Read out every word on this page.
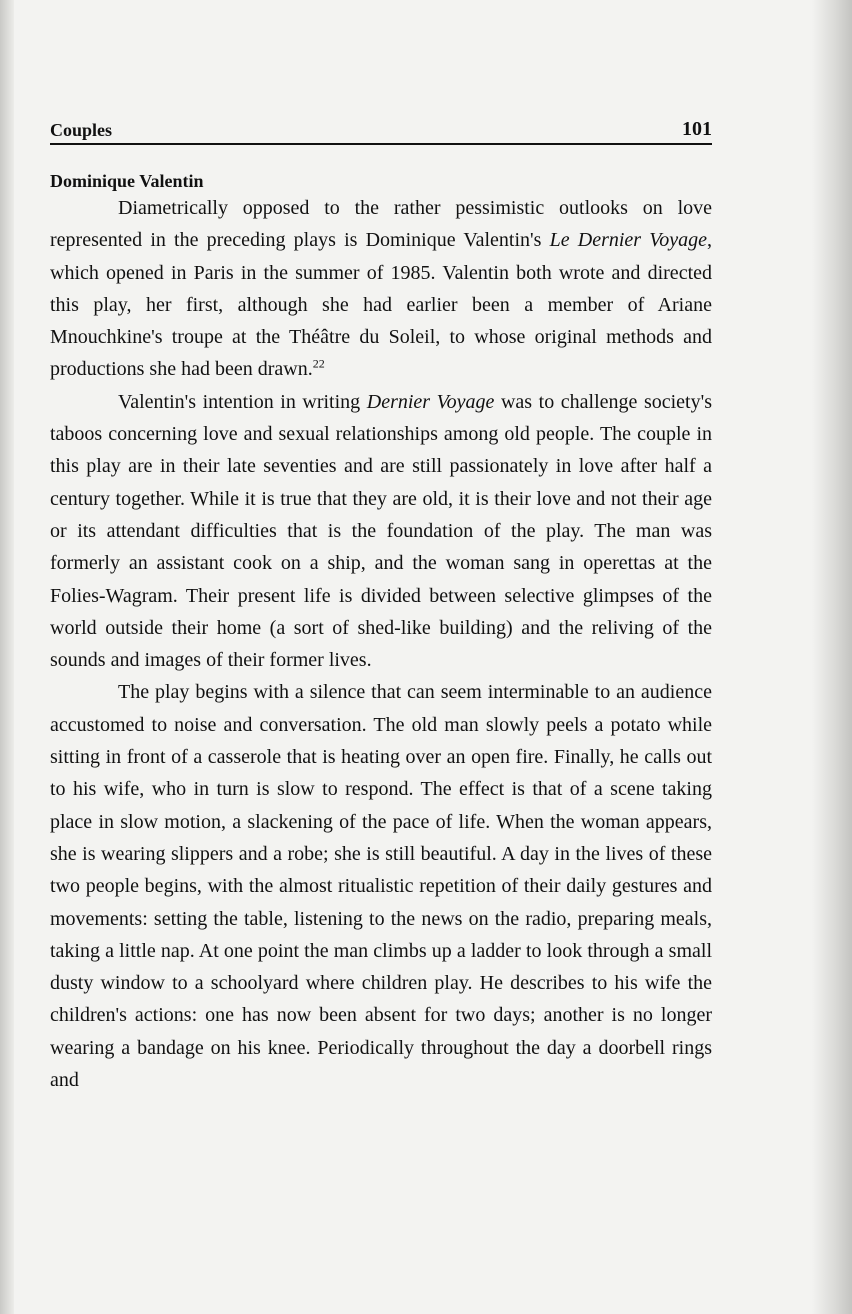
Couples	101
Dominique Valentin

Diametrically opposed to the rather pessimistic outlooks on love represented in the preceding plays is Dominique Valentin's Le Dernier Voyage, which opened in Paris in the summer of 1985. Valentin both wrote and directed this play, her first, although she had earlier been a member of Ariane Mnouchkine's troupe at the Théâtre du Soleil, to whose original methods and productions she had been drawn.$^{22}$

Valentin's intention in writing Dernier Voyage was to challenge society's taboos concerning love and sexual relationships among old people. The couple in this play are in their late seventies and are still passionately in love after half a century together. While it is true that they are old, it is their love and not their age or its attendant difficulties that is the foundation of the play. The man was formerly an assistant cook on a ship, and the woman sang in operettas at the Folies-Wagram. Their present life is divided between selective glimpses of the world outside their home (a sort of shed-like building) and the reliving of the sounds and images of their former lives.

The play begins with a silence that can seem interminable to an audience accustomed to noise and conversation. The old man slowly peels a potato while sitting in front of a casserole that is heating over an open fire. Finally, he calls out to his wife, who in turn is slow to respond. The effect is that of a scene taking place in slow motion, a slackening of the pace of life. When the woman appears, she is wearing slippers and a robe; she is still beautiful. A day in the lives of these two people begins, with the almost ritualistic repetition of their daily gestures and movements: setting the table, listening to the news on the radio, preparing meals, taking a little nap. At one point the man climbs up a ladder to look through a small dusty window to a schoolyard where children play. He describes to his wife the children's actions: one has now been absent for two days; another is no longer wearing a bandage on his knee. Periodically throughout the day a doorbell rings and
